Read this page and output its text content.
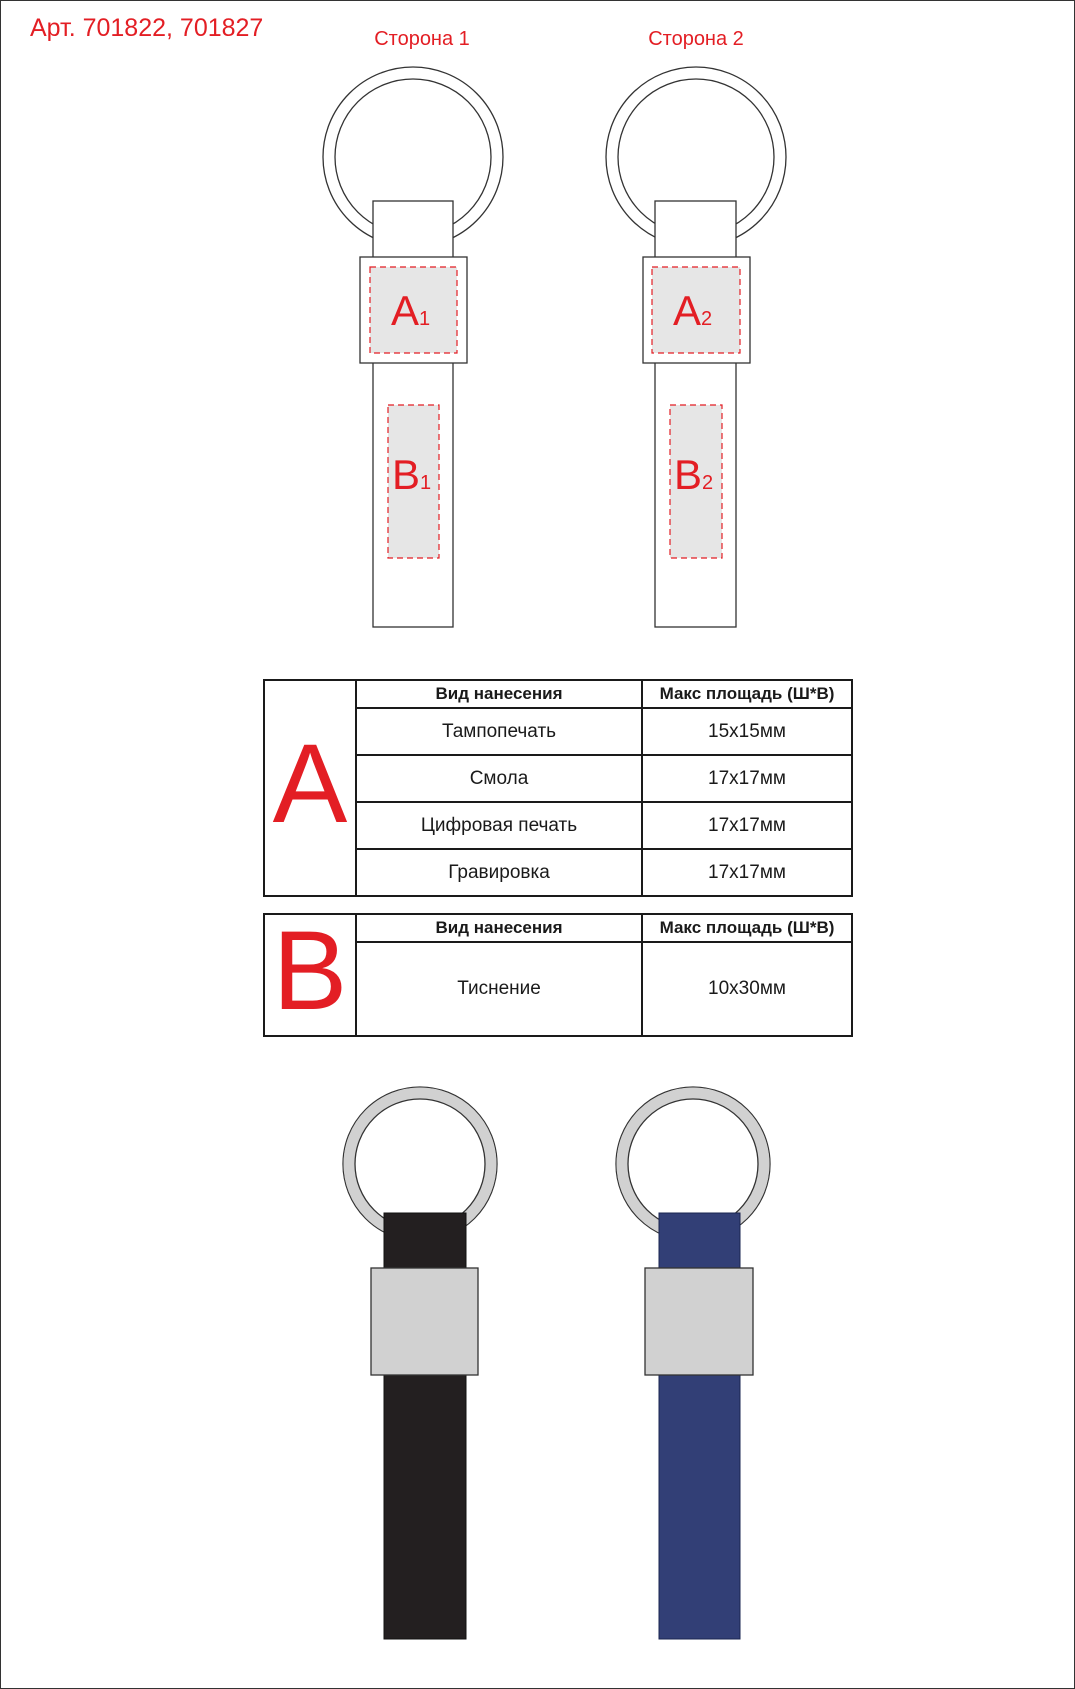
Арт. 701822, 701827	Сторона 1	Сторона 2
A1
B1
A2
B2
A	Вид нанесения	Макс площадь (Ш*В)
	Тампопечать	15x15мм
	Смола	17x17мм
	Цифровая печать	17x17мм
	Гравировка	17x17мм
B	Вид нанесения	Макс площадь (Ш*В)
	Тиснение	10x30мм
